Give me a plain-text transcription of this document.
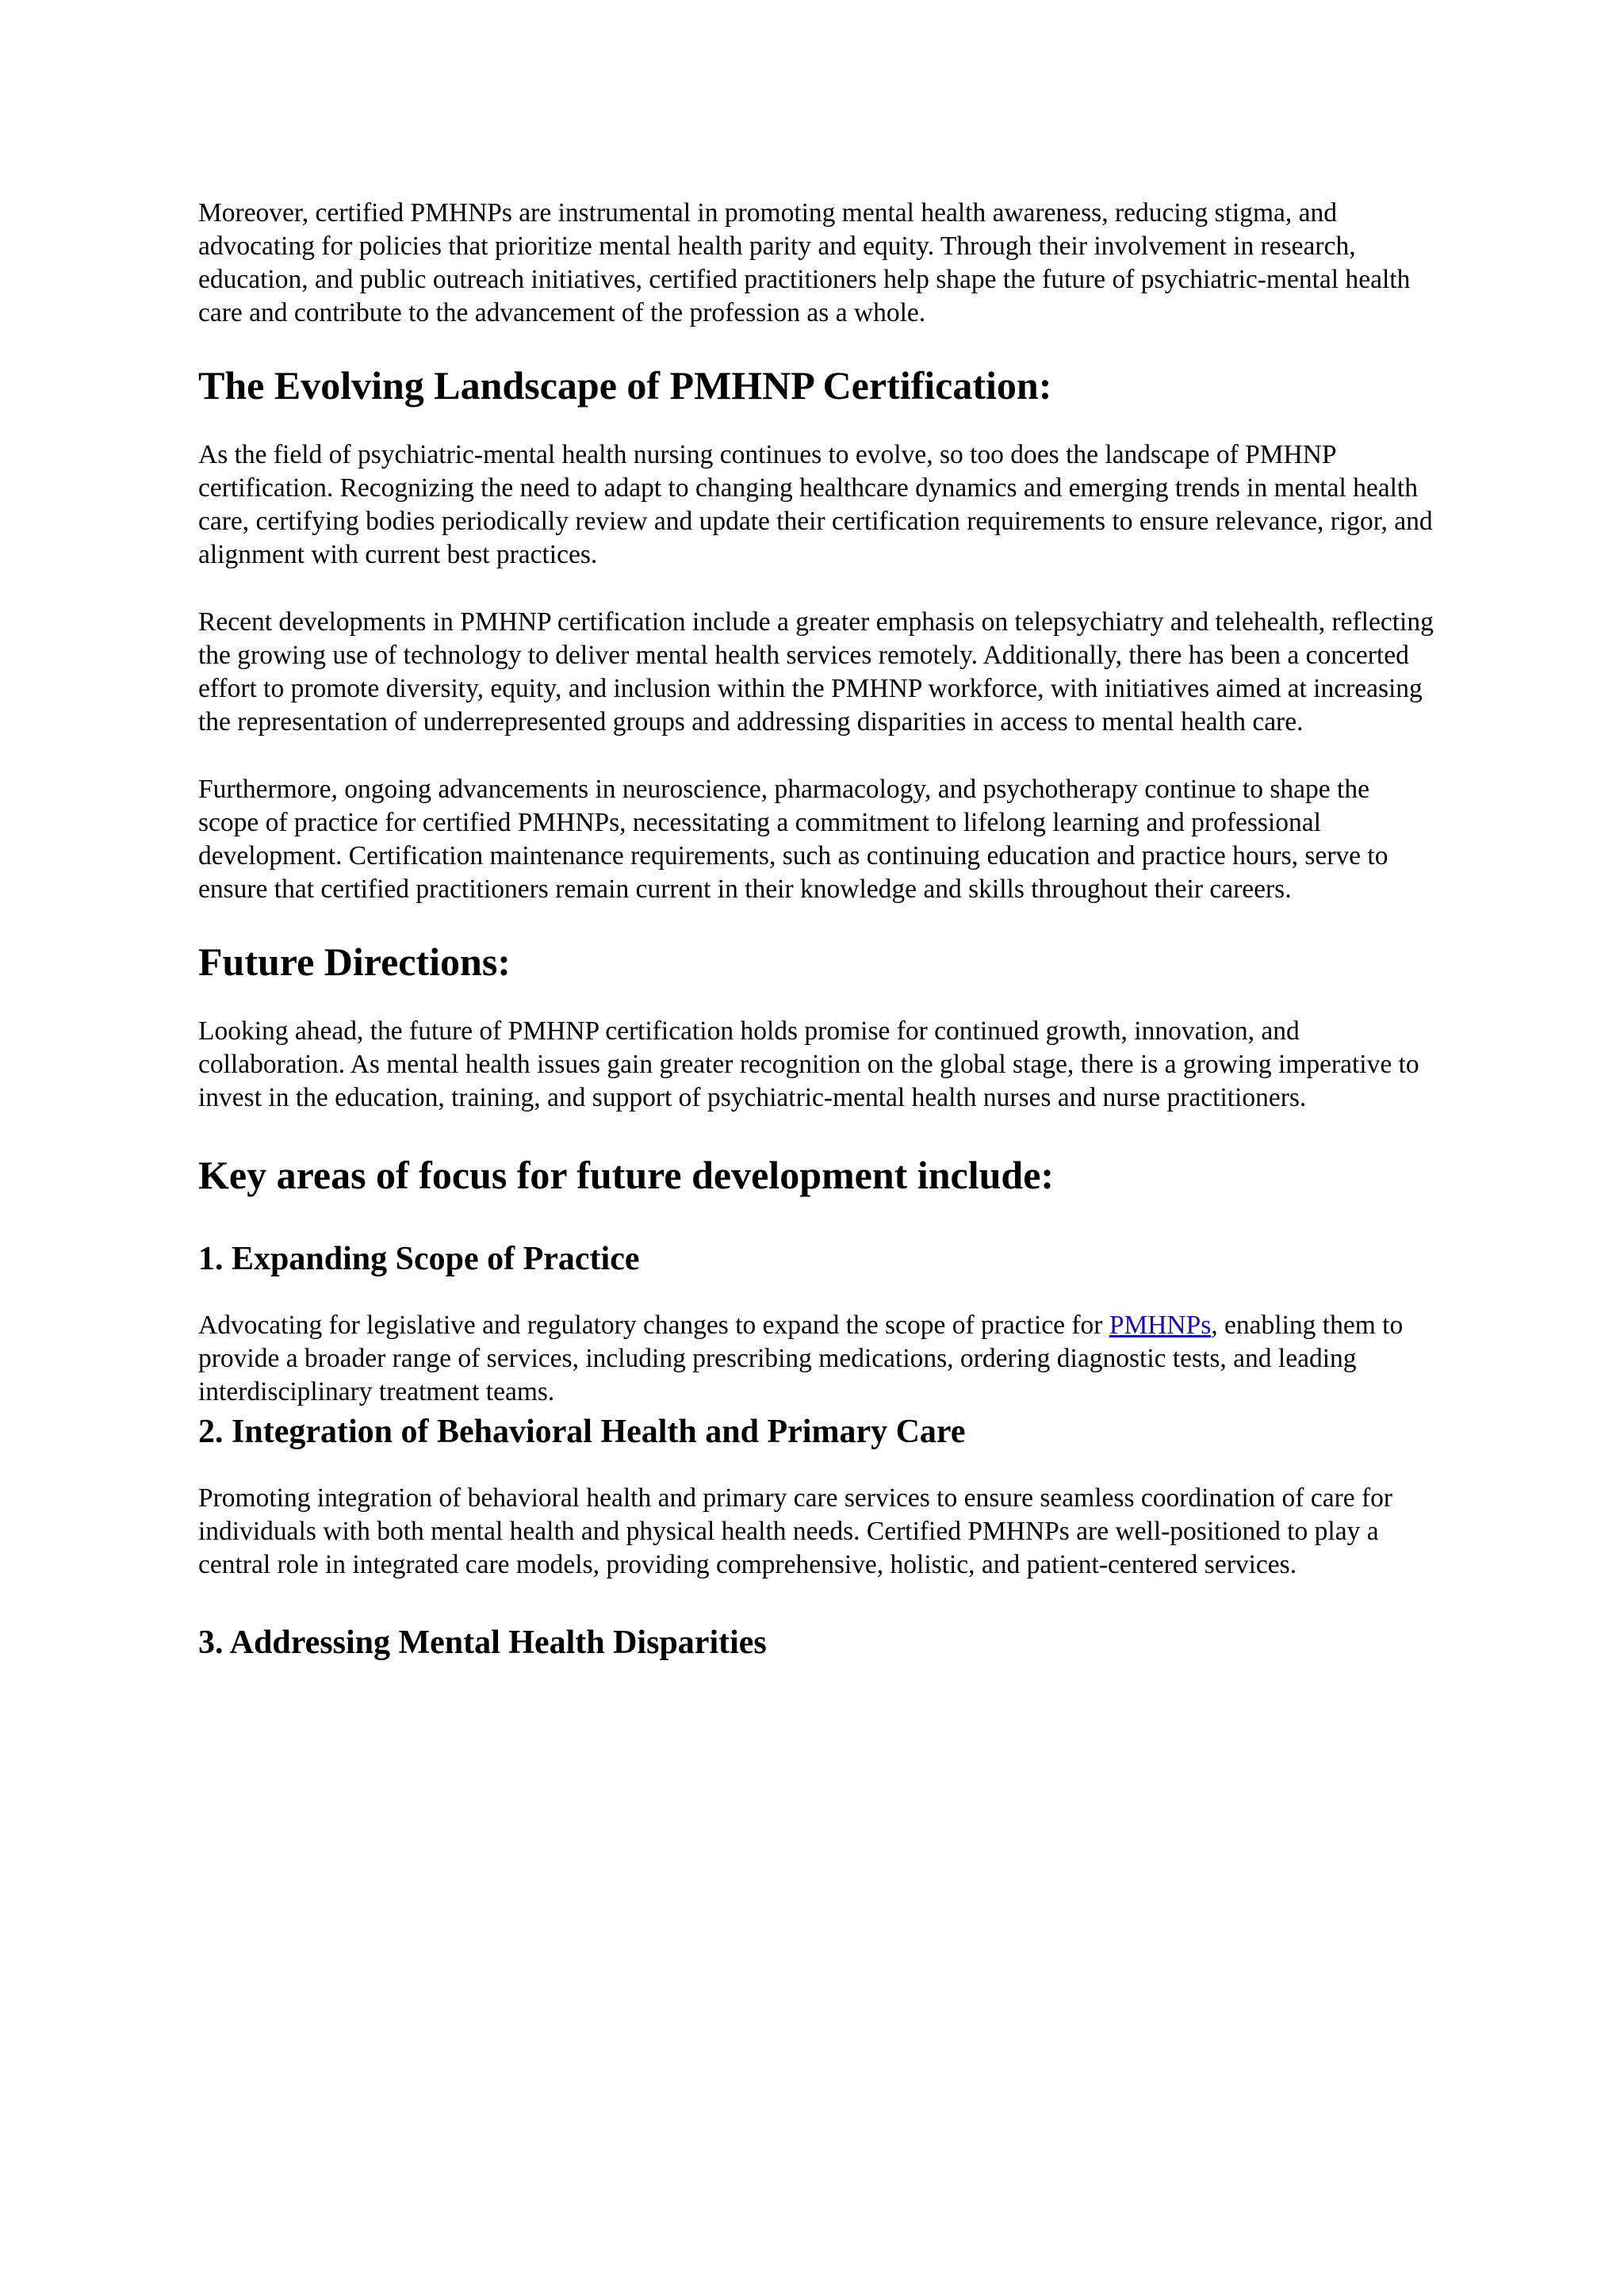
Moreover, certified PMHNPs are instrumental in promoting mental health awareness, reducing stigma, and advocating for policies that prioritize mental health parity and equity. Through their involvement in research, education, and public outreach initiatives, certified practitioners help shape the future of psychiatric-mental health care and contribute to the advancement of the profession as a whole.

The Evolving Landscape of PMHNP Certification:

As the field of psychiatric-mental health nursing continues to evolve, so too does the landscape of PMHNP certification. Recognizing the need to adapt to changing healthcare dynamics and emerging trends in mental health care, certifying bodies periodically review and update their certification requirements to ensure relevance, rigor, and alignment with current best practices.

Recent developments in PMHNP certification include a greater emphasis on telepsychiatry and telehealth, reflecting the growing use of technology to deliver mental health services remotely. Additionally, there has been a concerted effort to promote diversity, equity, and inclusion within the PMHNP workforce, with initiatives aimed at increasing the representation of underrepresented groups and addressing disparities in access to mental health care.

Furthermore, ongoing advancements in neuroscience, pharmacology, and psychotherapy continue to shape the scope of practice for certified PMHNPs, necessitating a commitment to lifelong learning and professional development. Certification maintenance requirements, such as continuing education and practice hours, serve to ensure that certified practitioners remain current in their knowledge and skills throughout their careers.

Future Directions:

Looking ahead, the future of PMHNP certification holds promise for continued growth, innovation, and collaboration. As mental health issues gain greater recognition on the global stage, there is a growing imperative to invest in the education, training, and support of psychiatric-mental health nurses and nurse practitioners.

Key areas of focus for future development include:
1. Expanding Scope of Practice

Advocating for legislative and regulatory changes to expand the scope of practice for PMHNPs, enabling them to provide a broader range of services, including prescribing medications, ordering diagnostic tests, and leading interdisciplinary treatment teams.

2. Integration of Behavioral Health and Primary Care

Promoting integration of behavioral health and primary care services to ensure seamless coordination of care for individuals with both mental health and physical health needs. Certified PMHNPs are well-positioned to play a central role in integrated care models, providing comprehensive, holistic, and patient-centered services.

3. Addressing Mental Health Disparities
